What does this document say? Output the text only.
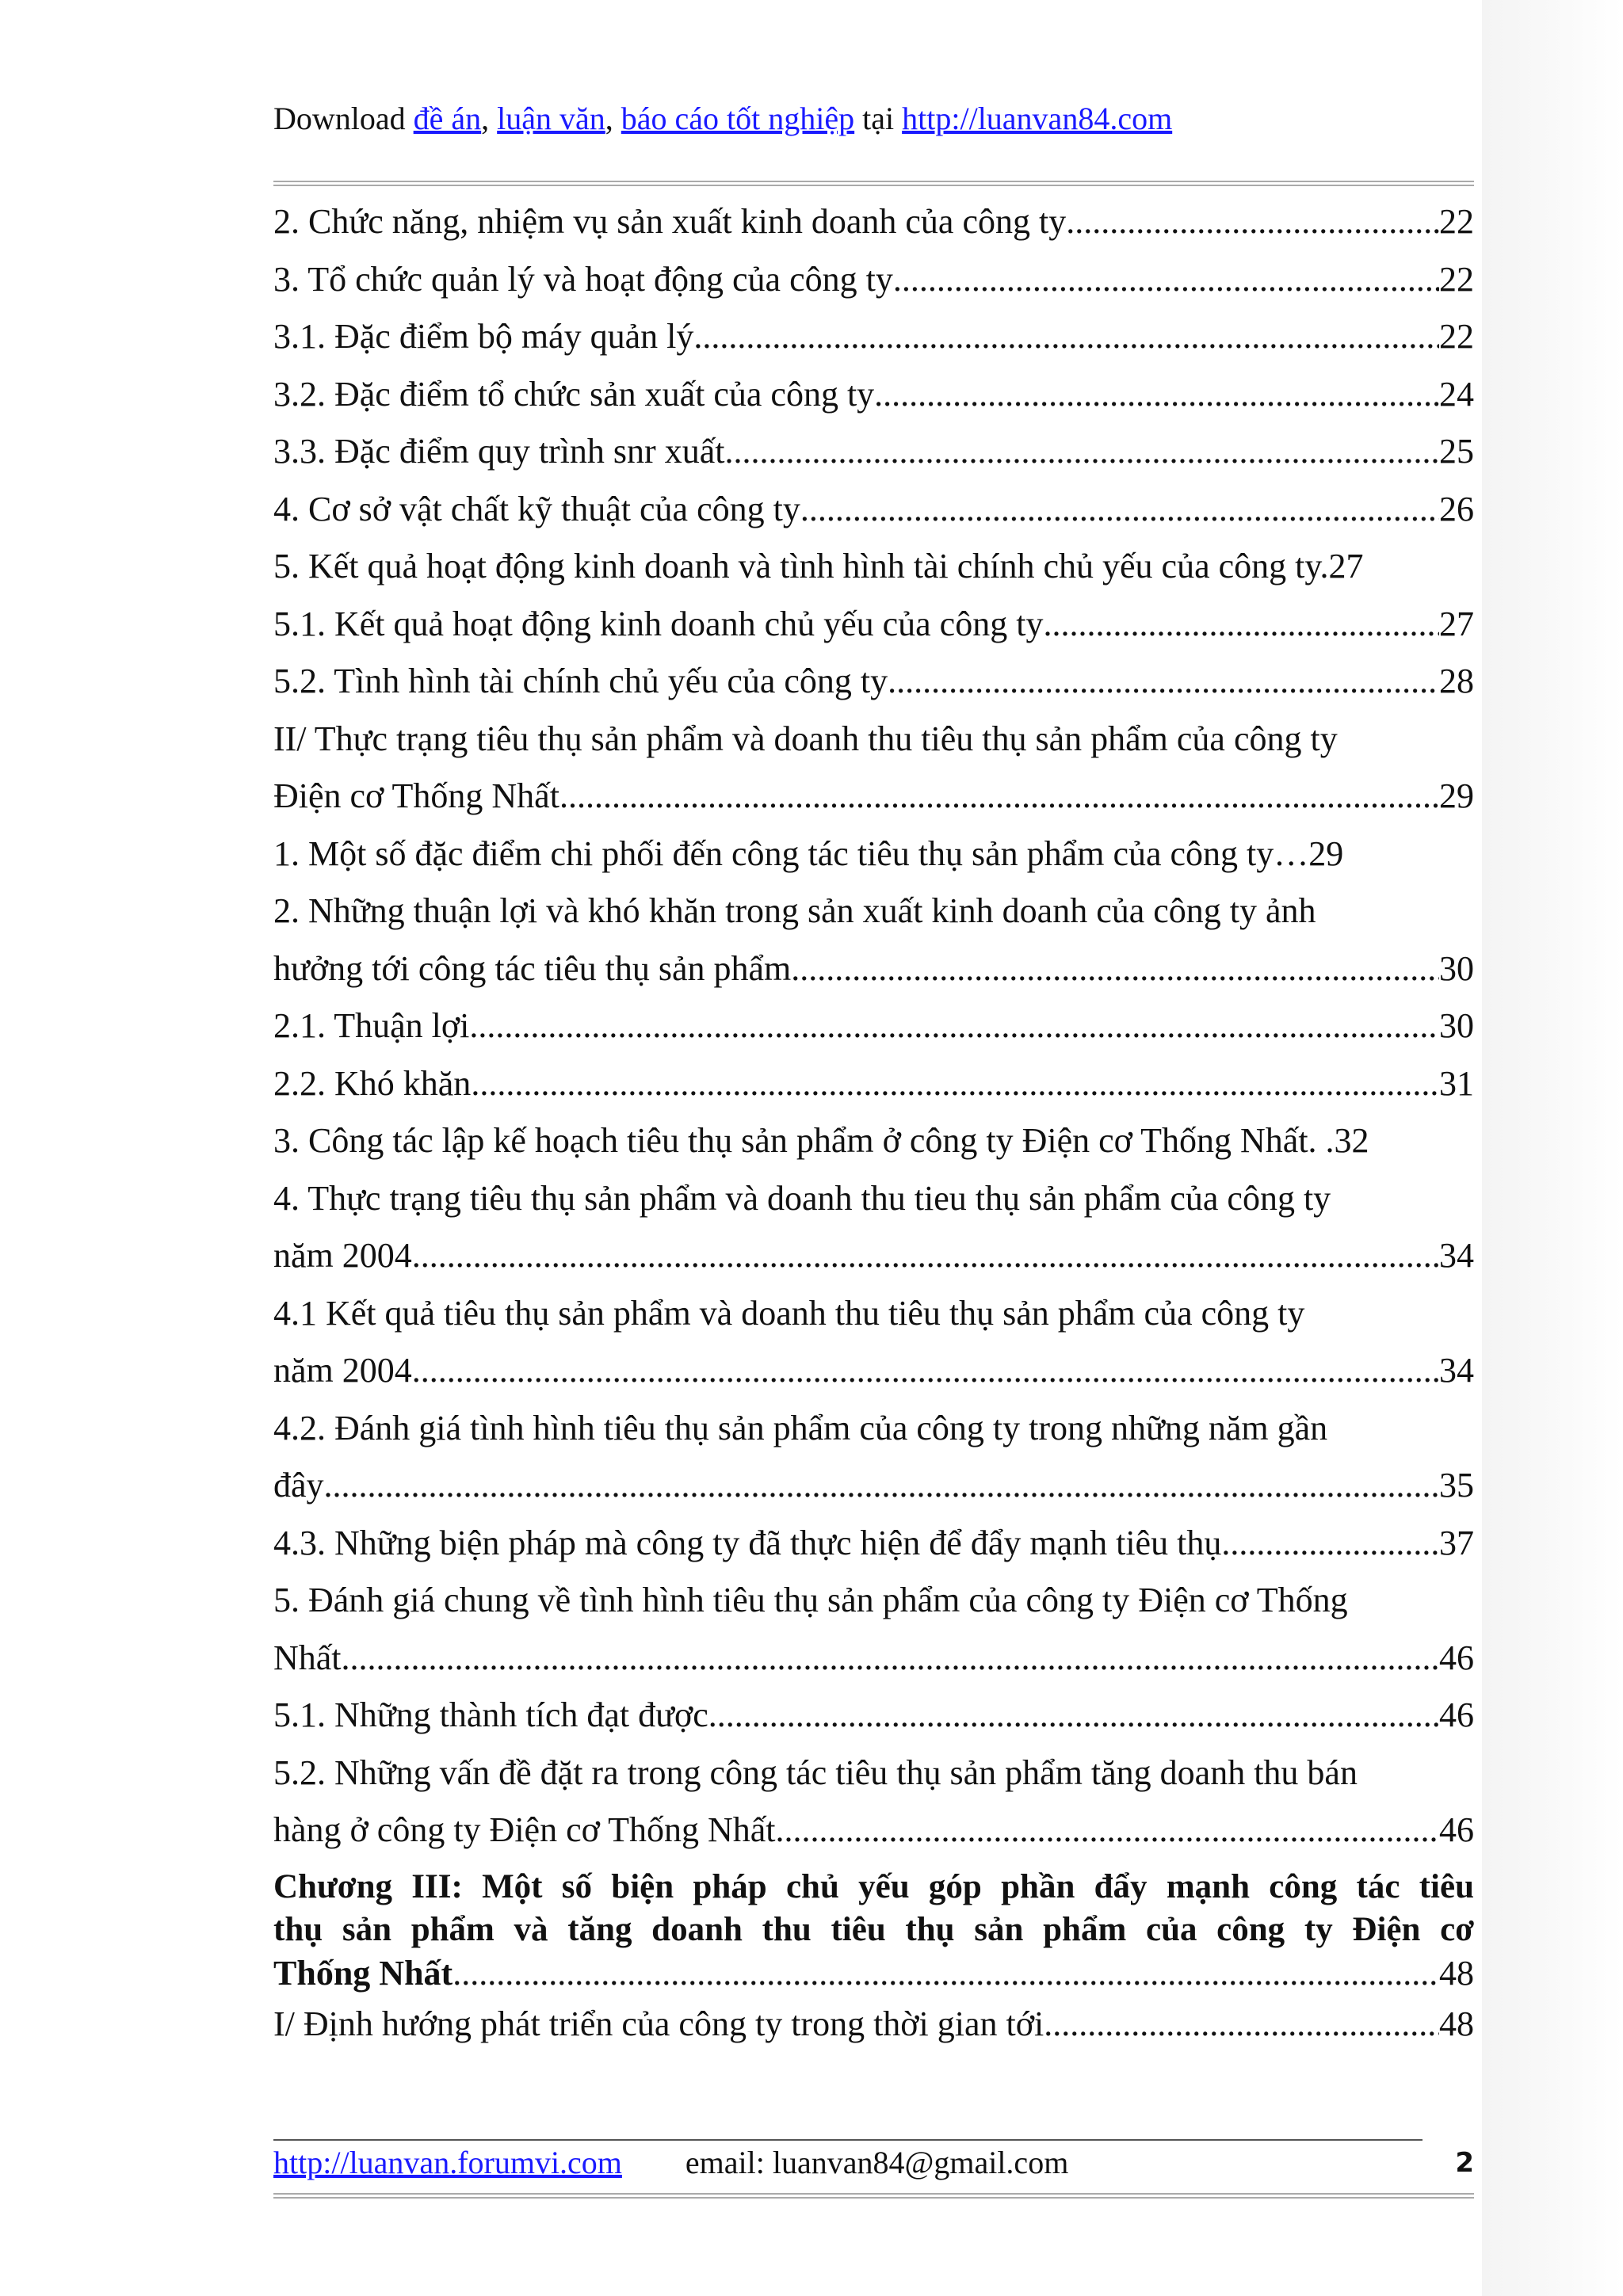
Download đề án, luận văn, báo cáo tốt nghiệp tại http://luanvan84.com
2. Chức năng, nhiệm vụ sản xuất kinh doanh của công ty .....	22
3. Tổ chức quản lý và hoạt động của công ty .....	22
3.1. Đặc điểm bộ máy quản lý .....	22
3.2. Đặc điểm tổ chức sản xuất của công ty .....	24
3.3. Đặc điểm quy trình snr xuất .....	25
4. Cơ sở vật chất kỹ thuật của công ty .....	26
5. Kết quả hoạt động kinh doanh và tình hình tài chính chủ yếu của công ty. 27
5.1. Kết quả hoạt động kinh doanh chủ yếu của công ty .....	27
5.2. Tình hình tài chính chủ yếu của công ty .....	28
II/ Thực trạng tiêu thụ sản phẩm và doanh thu tiêu thụ sản phẩm của công ty
Điện cơ Thống Nhất .....	29
1. Một số đặc điểm chi phối đến công tác tiêu thụ sản phẩm của công ty… 29
2. Những thuận lợi và khó khăn trong sản xuất kinh doanh của công ty ảnh
hưởng tới công tác tiêu thụ sản phẩm .....	30
2.1. Thuận lợi .....	30
2.2. Khó khăn .....	31
3. Công tác lập kế hoạch tiêu thụ sản phẩm ở công ty Điện cơ Thống Nhất. . 32
4. Thực trạng tiêu thụ sản phẩm và doanh thu tieu thụ sản phẩm của công ty
năm 2004 .....	34
4.1 Kết quả tiêu thụ sản phẩm và doanh thu tiêu thụ sản phẩm của công ty
năm 2004 .....	34
4.2. Đánh giá tình hình tiêu thụ sản phẩm của công ty trong những năm gần
đây .....	35
4.3. Những biện pháp mà công ty đã thực hiện để đẩy mạnh tiêu thụ .....	37
5. Đánh giá chung về tình hình tiêu thụ sản phẩm của công ty Điện cơ Thống
Nhất .....	46
5.1. Những thành tích đạt được .....	46
5.2. Những vấn đề đặt ra trong công tác tiêu thụ sản phẩm tăng doanh thu bán
hàng ở công ty Điện cơ Thống Nhất .....	46
Chương III: Một số biện pháp chủ yếu góp phần đẩy mạnh công tác tiêu
thụ sản phẩm và tăng doanh thu tiêu thụ sản phẩm của công ty Điện cơ
Thống Nhất .....	48
I/ Định hướng phát triển của công ty trong thời gian tới .....	48
http://luanvan.forumvi.com email: luanvan84@gmail.com	2
